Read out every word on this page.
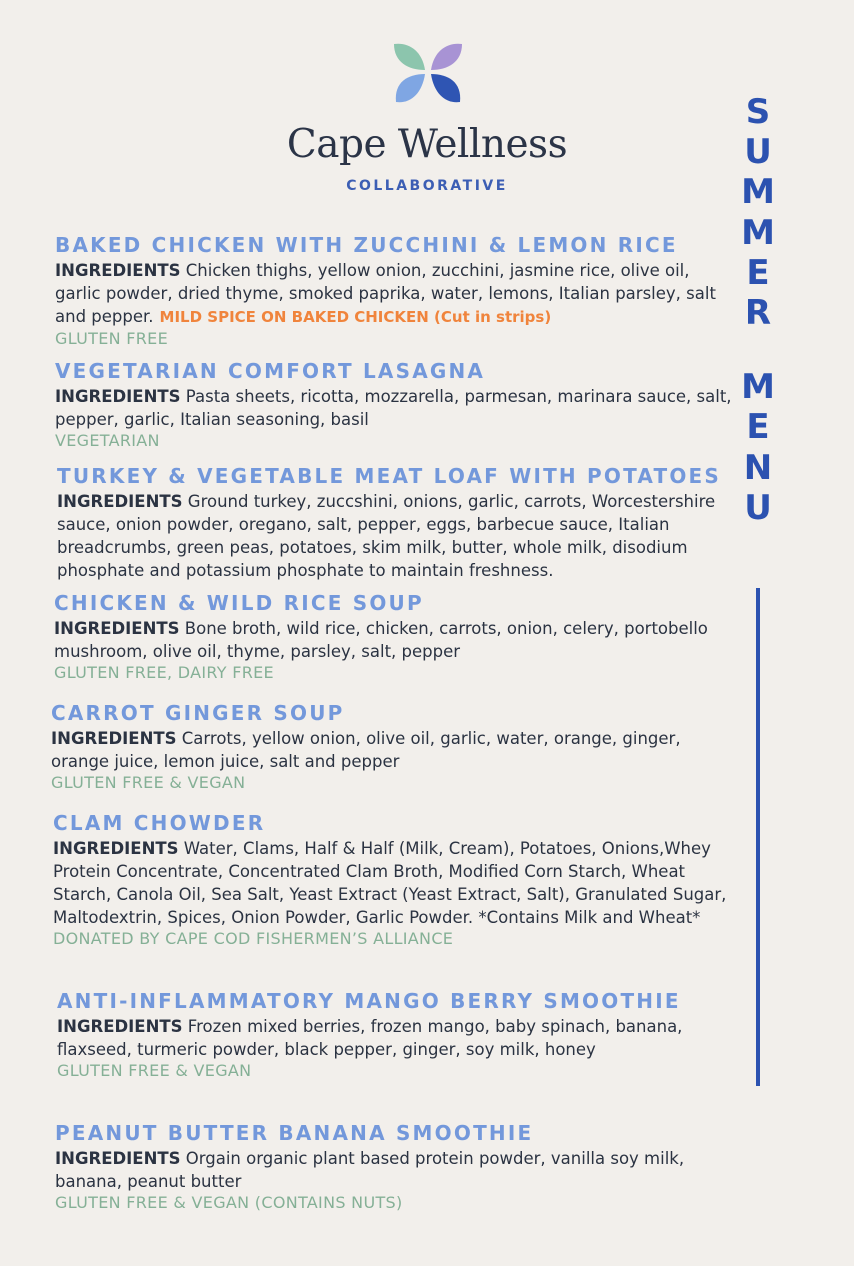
Cape Wellness
COLLABORATIVE
S
U
M
M
E
R
M
E
N
U
BAKED CHICKEN WITH ZUCCHINI & LEMON RICE
INGREDIENTS Chicken thighs, yellow onion, zucchini, jasmine rice, olive oil, garlic powder, dried thyme, smoked paprika, water, lemons, Italian parsley, salt and pepper. MILD SPICE ON BAKED CHICKEN (Cut in strips)
GLUTEN FREE
VEGETARIAN COMFORT LASAGNA
INGREDIENTS Pasta sheets, ricotta, mozzarella, parmesan, marinara sauce, salt, pepper, garlic, Italian seasoning, basil
VEGETARIAN
TURKEY & VEGETABLE MEAT LOAF WITH POTATOES
INGREDIENTS Ground turkey, zuccshini, onions, garlic, carrots, Worcestershire sauce, onion powder, oregano, salt, pepper, eggs, barbecue sauce, Italian breadcrumbs, green peas, potatoes, skim milk, butter, whole milk, disodium phosphate and potassium phosphate to maintain freshness.
CHICKEN & WILD RICE SOUP
INGREDIENTS Bone broth, wild rice, chicken, carrots, onion, celery, portobello mushroom, olive oil, thyme, parsley, salt, pepper
GLUTEN FREE, DAIRY FREE
CARROT GINGER SOUP
INGREDIENTS Carrots, yellow onion, olive oil, garlic, water, orange, ginger, orange juice, lemon juice, salt and pepper
GLUTEN FREE & VEGAN
CLAM CHOWDER
INGREDIENTS Water, Clams, Half & Half (Milk, Cream), Potatoes, Onions,Whey Protein Concentrate, Concentrated Clam Broth, Modified Corn Starch, Wheat Starch, Canola Oil, Sea Salt, Yeast Extract (Yeast Extract, Salt), Granulated Sugar, Maltodextrin, Spices, Onion Powder, Garlic Powder. *Contains Milk and Wheat*
DONATED BY CAPE COD FISHERMEN’S ALLIANCE
ANTI-INFLAMMATORY MANGO BERRY SMOOTHIE
INGREDIENTS Frozen mixed berries, frozen mango, baby spinach, banana, flaxseed, turmeric powder, black pepper, ginger, soy milk, honey
GLUTEN FREE & VEGAN
PEANUT BUTTER BANANA SMOOTHIE
INGREDIENTS Orgain organic plant based protein powder, vanilla soy milk, banana, peanut butter
GLUTEN FREE & VEGAN (CONTAINS NUTS)
